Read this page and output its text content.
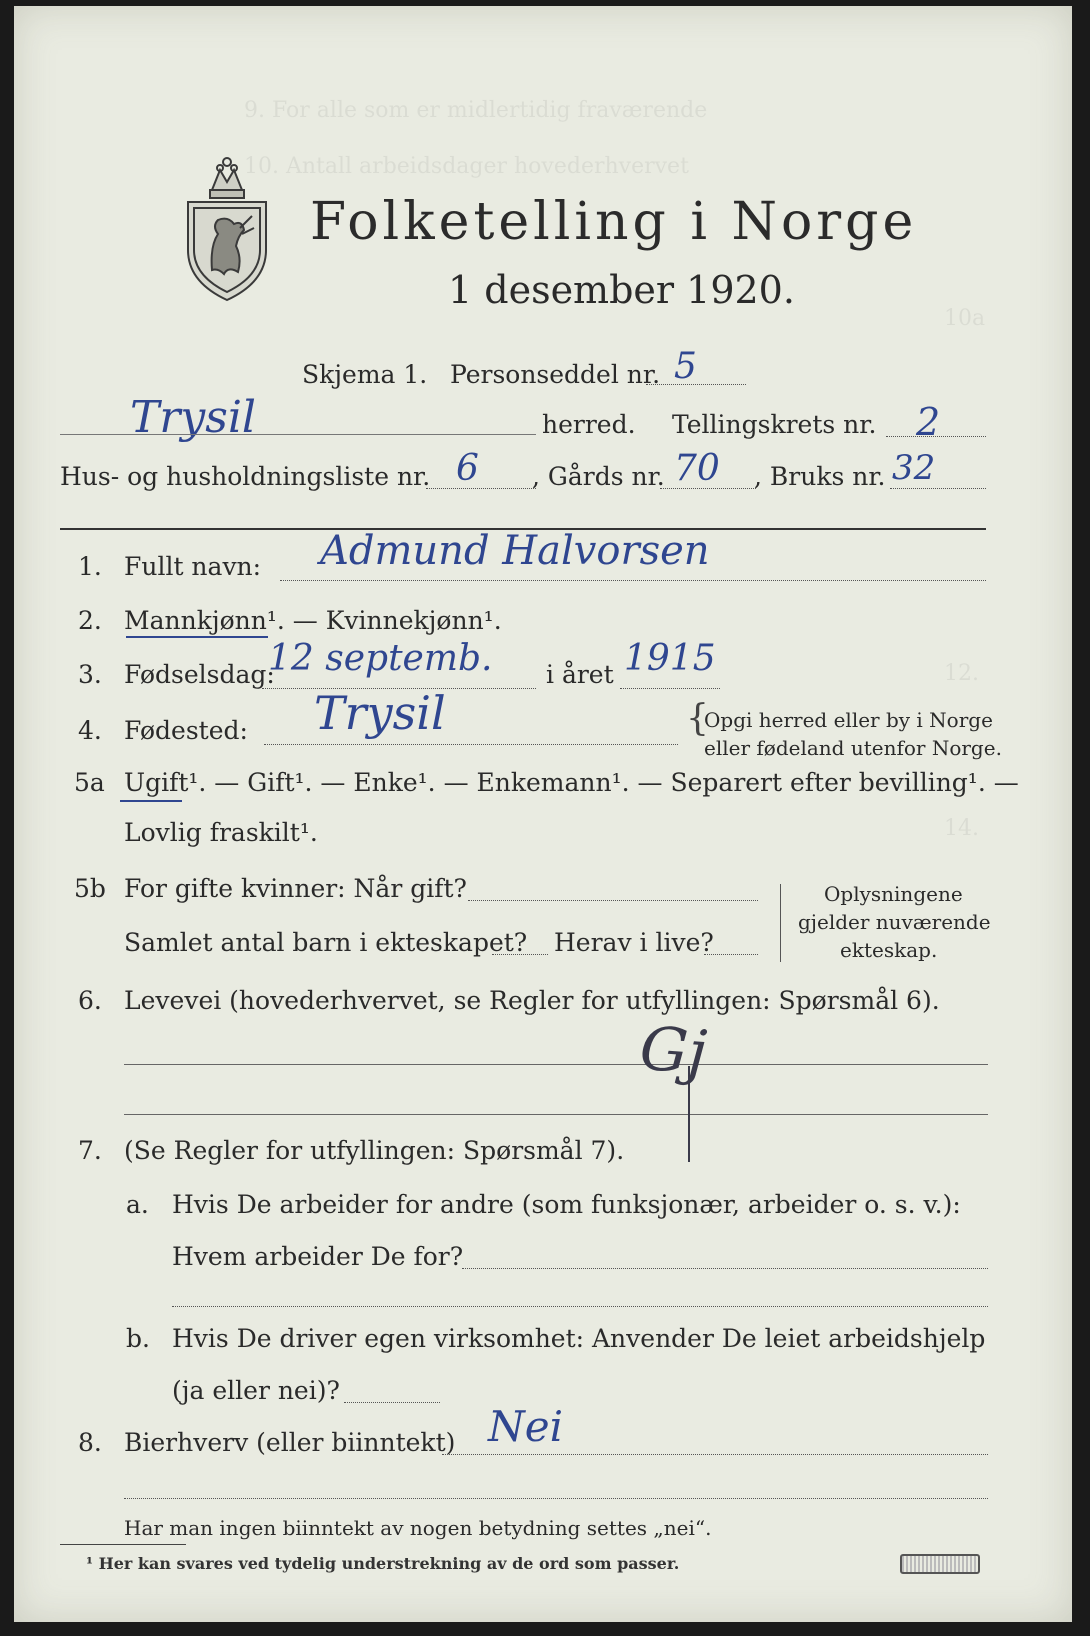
9. For alle som er midlertidig fraværende
10. Antall arbeidsdager hovederhvervet
10a
12.
14.
Folketelling i Norge
1 desember 1920.
Skjema 1. Personseddel nr. 5
Trysil	herred. Tellingskrets nr. 2
Hus- og husholdningsliste nr. 6 , Gårds nr. 70 , Bruks nr. 32
1. Fullt navn: Admund Halvorsen
2. Mannkjønn¹. — Kvinnekjønn¹.
3. Fødselsdag:
12 septemb. i året 1915
4. Fødested: Trysil	{
Opgi herred eller by i Norge
eller fødeland utenfor Norge.
5a Ugift¹. — Gift¹. — Enke¹. — Enkemann¹. — Separert efter bevilling¹. —
Lovlig fraskilt¹.
5b For gifte kvinner: Når gift?
Samlet antal barn i ekteskapet? Herav i live?
Oplysningene
gjelder nuværende
ekteskap.
6. Levevei (hovederhvervet, se Regler for utfyllingen: Spørsmål 6).
Gj
7. (Se Regler for utfyllingen: Spørsmål 7).
a. Hvis De arbeider for andre (som funksjonær, arbeider o. s. v.):
Hvem arbeider De for?
b. Hvis De driver egen virksomhet: Anvender De leiet arbeidshjelp
(ja eller nei)?
8. Bierhverv (eller biinntekt) Nei
Har man ingen biinntekt av nogen betydning settes „nei“.
¹ Her kan svares ved tydelig understrekning av de ord som passer.
